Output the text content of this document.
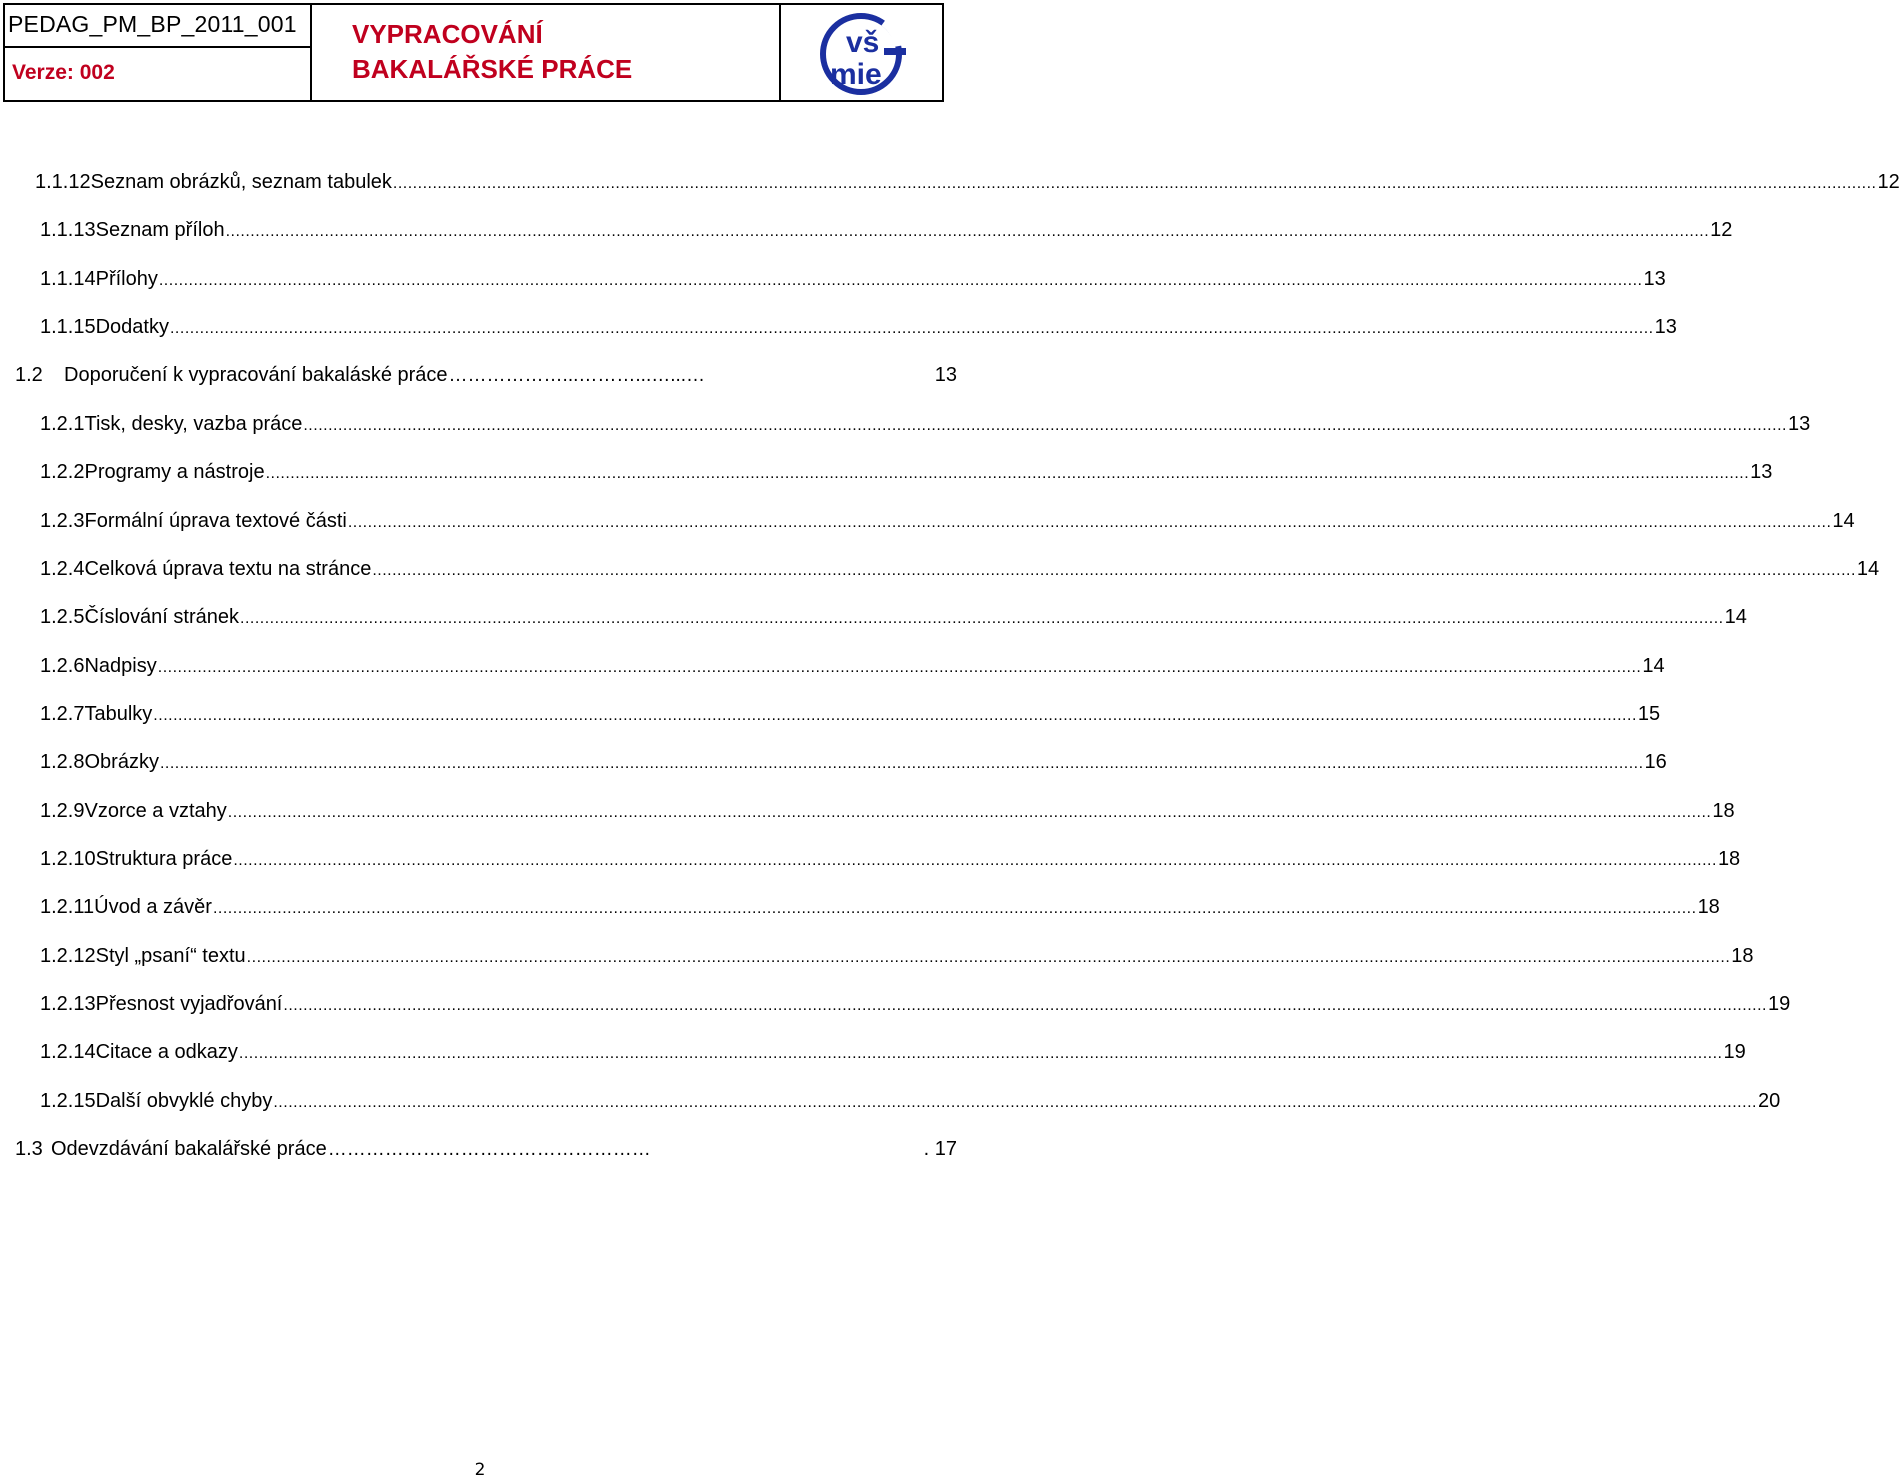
PEDAG_PM_BP_2011_001
Verze: 002
VYPRACOVÁNÍ
BAKALÁŘSKÉ PRÁCE
vš
mie
1.1.12 Seznam obrázků, seznam tabulek ............................................................................................................................................................................................................................................................................................................ 12
1.1.13 Seznam příloh ............................................................................................................................................................................................................................................................................................................ 12
1.1.14 Přílohy ............................................................................................................................................................................................................................................................................................................ 13
1.1.15 Dodatky ............................................................................................................................................................................................................................................................................................................ 13
1.2	Doporučení k vypracování bakaláské práce ………………...………...…...…	13
1.2.1 Tisk, desky, vazba práce ............................................................................................................................................................................................................................................................................................................ 13
1.2.2 Programy a nástroje ............................................................................................................................................................................................................................................................................................................ 13
1.2.3 Formální úprava textové části ............................................................................................................................................................................................................................................................................................................ 14
1.2.4 Celková úprava textu na stránce ............................................................................................................................................................................................................................................................................................................ 14
1.2.5 Číslování stránek ............................................................................................................................................................................................................................................................................................................ 14
1.2.6 Nadpisy ............................................................................................................................................................................................................................................................................................................ 14
1.2.7 Tabulky ............................................................................................................................................................................................................................................................................................................ 15
1.2.8 Obrázky ............................................................................................................................................................................................................................................................................................................ 16
1.2.9 Vzorce a vztahy ............................................................................................................................................................................................................................................................................................................ 18
1.2.10 Struktura práce ............................................................................................................................................................................................................................................................................................................ 18
1.2.11 Úvod a závěr ............................................................................................................................................................................................................................................................................................................ 18
1.2.12 Styl „psaní“ textu ............................................................................................................................................................................................................................................................................................................ 18
1.2.13 Přesnost vyjadřování ............................................................................................................................................................................................................................................................................................................ 19
1.2.14 Citace a odkazy ............................................................................................................................................................................................................................................................................................................ 19
1.2.15 Další obvyklé chyby ............................................................................................................................................................................................................................................................................................................ 20
1.3 Odevzdávání bakalářské práce ……………………………………………	. 17
2
